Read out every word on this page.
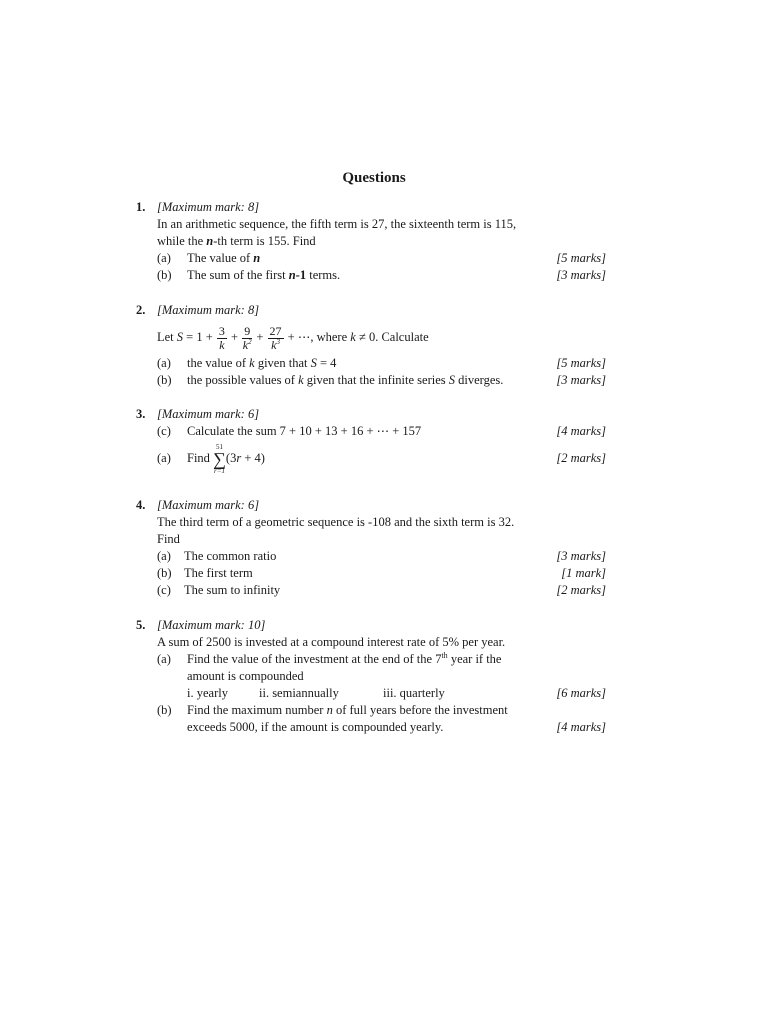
Questions
1. [Maximum mark: 8]
In an arithmetic sequence, the fifth term is 27, the sixteenth term is 115,
while the n-th term is 155. Find
(a) The value of n	[5 marks]
(b) The sum of the first n-1 terms.	[3 marks]
2. [Maximum mark: 8]
Let $S = 1 + \frac{3}{k} + \frac{9}{k^2} + \frac{27}{k^3}$ + ⋯, where k ≠ 0. Calculate
(a) the value of k given that S = 4	[5 marks]
(b) the possible values of k given that the infinite series S diverges.	[3 marks]
3. [Maximum mark: 6]
(c) Calculate the sum 7 + 10 + 13 + 16 + ⋯ + 157	[4 marks]
(a) Find
51
∑
r=1
(3r + 4)	[2 marks]
4. [Maximum mark: 6]
The third term of a geometric sequence is -108 and the sixth term is 32.
Find
(a) The common ratio	[3 marks]
(b) The first term	[1 mark]
(c) The sum to infinity	[2 marks]
5. [Maximum mark: 10]
A sum of 2500 is invested at a compound interest rate of 5% per year.
(a) Find the value of the investment at the end of the 7th year if the
amount is compounded
i. yearly ii. semiannually	iii. quarterly	[6 marks]
(b) Find the maximum number n of full years before the investment
exceeds 5000, if the amount is compounded yearly.	[4 marks]
